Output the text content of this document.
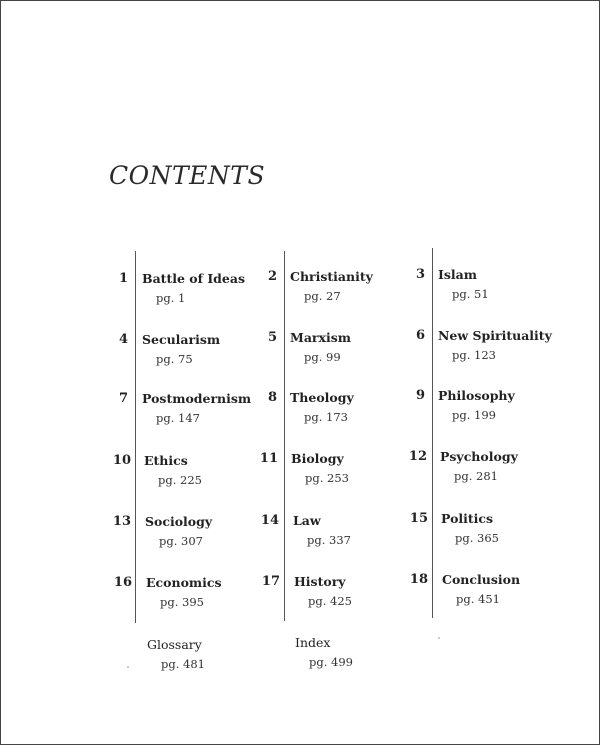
CONTENTS
1 Battle of Ideas
pg. 1
2 Christianity
pg. 27
3 Islam
pg. 51
4 Secularism
pg. 75
5 Marxism
pg. 99
6 New Spirituality
pg. 123
7 Postmodernism
pg. 147
8 Theology
pg. 173
9 Philosophy
pg. 199
10 Ethics
pg. 225
11 Biology
pg. 253
12 Psychology
pg. 281
13 Sociology
pg. 307
14 Law
pg. 337
15 Politics
pg. 365
16 Economics
pg. 395
17 History
pg. 425
18 Conclusion
pg. 451
Glossary
pg. 481
Index
pg. 499
